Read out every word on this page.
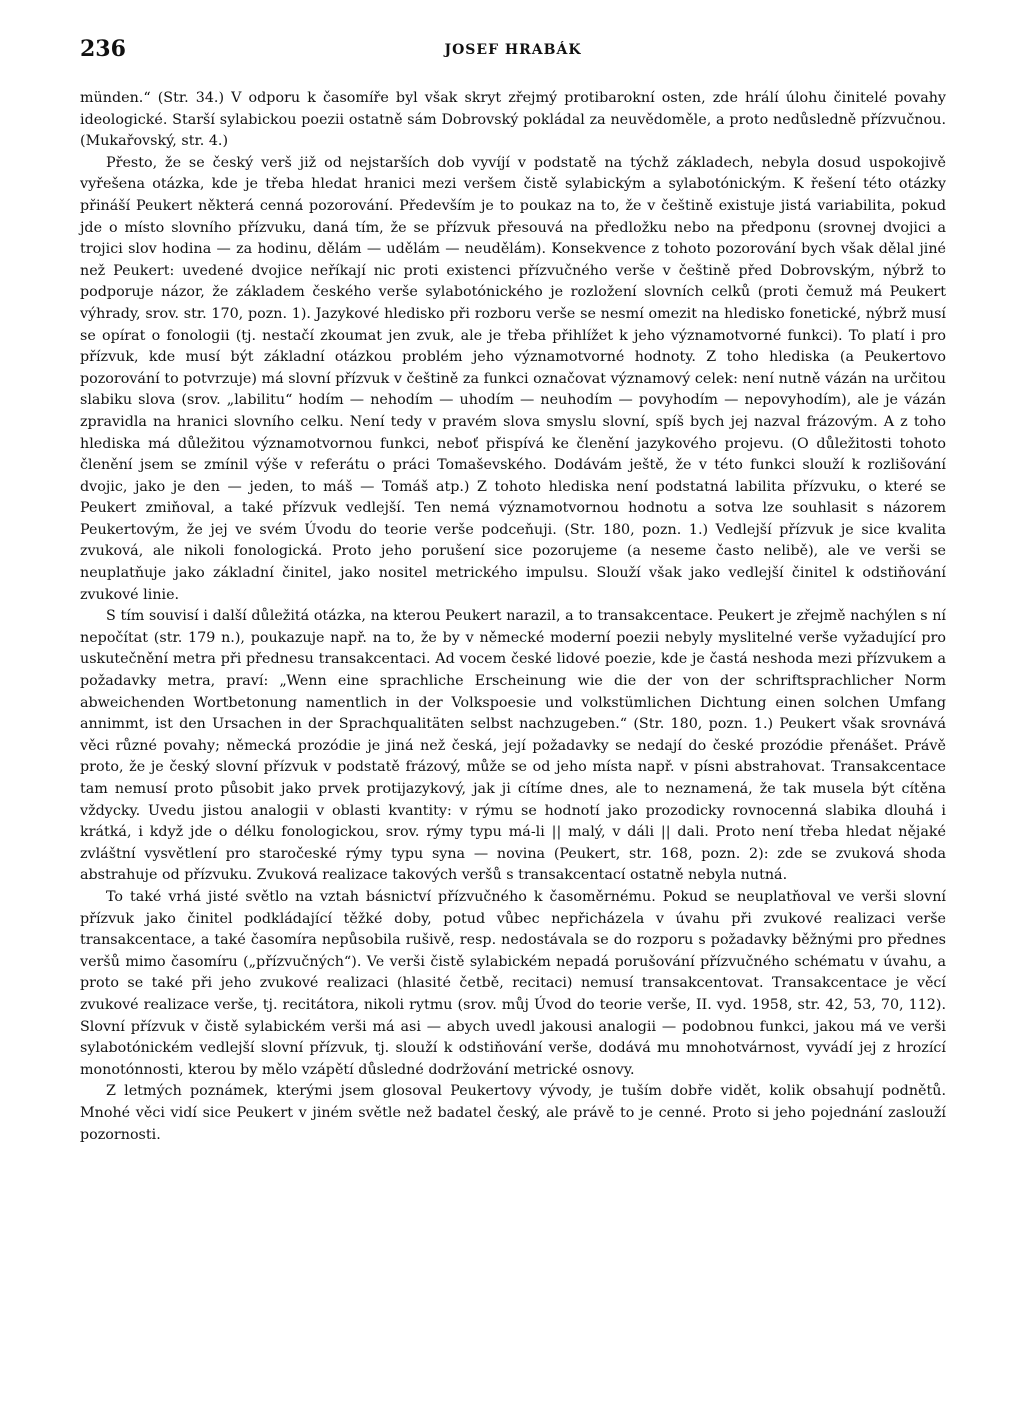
236	JOSEF HRABÁK

münden.“ (Str. 34.) V odporu k časomíře byl však skryt zřejmý protibarokní osten, zde hrálí úlohu činitelé povahy ideologické. Starší sylabickou poezii ostatně sám Dobrovský pokládal za neuvědoměle, a proto nedůsledně přízvučnou. (Mukařovský, str. 4.)

Přesto, že se český verš již od nejstarších dob vyvíjí v podstatě na týchž základech, nebyla dosud uspokojivě vyřešena otázka, kde je třeba hledat hranici mezi veršem čistě sylabickým a sylabotónickým. K řešení této otázky přináší Peukert některá cenná pozorování. Především je to poukaz na to, že v češtině existuje jistá variabilita, pokud jde o místo slovního přízvuku, daná tím, že se přízvuk přesouvá na předložku nebo na předponu (srovnej dvojici a trojici slov hodina — za hodinu, dělám — udělám — neudělám). Konsekvence z tohoto pozorování bych však dělal jiné než Peukert: uvedené dvojice neříkají nic proti existenci přízvučného verše v češtině před Dobrovským, nýbrž to podporuje názor, že základem českého verše sylabotónického je rozložení slovních celků (proti čemuž má Peukert výhrady, srov. str. 170, pozn. 1). Jazykové hledisko při rozboru verše se nesmí omezit na hledisko fonetické, nýbrž musí se opírat o fonologii (tj. nestačí zkoumat jen zvuk, ale je třeba přihlížet k jeho významotvorné funkci). To platí i pro přízvuk, kde musí být základní otázkou problém jeho významotvorné hodnoty. Z toho hlediska (a Peukertovo pozorování to potvrzuje) má slovní přízvuk v češtině za funkci označovat významový celek: není nutně vázán na určitou slabiku slova (srov. „labilitu“ hodím — nehodím — uhodím — neuhodím — povyhodím — nepovyhodím), ale je vázán zpravidla na hranici slovního celku. Není tedy v pravém slova smyslu slovní, spíš bych jej nazval frázovým. A z toho hlediska má důležitou významotvornou funkci, neboť přispívá ke členění jazykového projevu. (O důležitosti tohoto členění jsem se zmínil výše v referátu o práci Tomaševského. Dodávám ještě, že v této funkci slouží k rozlišování dvojic, jako je den — jeden, to máš — Tomáš atp.) Z tohoto hlediska není podstatná labilita přízvuku, o které se Peukert zmiňoval, a také přízvuk vedlejší. Ten nemá významotvornou hodnotu a sotva lze souhlasit s názorem Peukertovým, že jej ve svém Úvodu do teorie verše podceňuji. (Str. 180, pozn. 1.) Vedlejší přízvuk je sice kvalita zvuková, ale nikoli fonologická. Proto jeho porušení sice pozorujeme (a neseme často nelibě), ale ve verši se neuplatňuje jako základní činitel, jako nositel metrického impulsu. Slouží však jako vedlejší činitel k odstiňování zvukové linie.

S tím souvisí i další důležitá otázka, na kterou Peukert narazil, a to transakcentace. Peukert je zřejmě nachýlen s ní nepočítat (str. 179 n.), poukazuje např. na to, že by v německé moderní poezii nebyly myslitelné verše vyžadující pro uskutečnění metra při přednesu transakcentaci. Ad vocem české lidové poezie, kde je častá neshoda mezi přízvukem a požadavky metra, praví: „Wenn eine sprachliche Erscheinung wie die der von der schriftsprachlicher Norm abweichenden Wortbetonung namentlich in der Volkspoesie und volkstümlichen Dichtung einen solchen Umfang annimmt, ist den Ursachen in der Sprachqualitäten selbst nachzugeben.“ (Str. 180, pozn. 1.) Peukert však srovnává věci různé povahy; německá prozódie je jiná než česká, její požadavky se nedají do české prozódie přenášet. Právě proto, že je český slovní přízvuk v podstatě frázový, může se od jeho místa např. v písni abstrahovat. Transakcentace tam nemusí proto působit jako prvek protijazykový, jak ji cítíme dnes, ale to neznamená, že tak musela být cítěna vždycky. Uvedu jistou analogii v oblasti kvantity: v rýmu se hodnotí jako prozodicky rovnocenná slabika dlouhá i krátká, i když jde o délku fonologickou, srov. rýmy typu má-li || malý, v dáli || dali. Proto není třeba hledat nějaké zvláštní vysvětlení pro staročeské rýmy typu syna — novina (Peukert, str. 168, pozn. 2): zde se zvuková shoda abstrahuje od přízvuku. Zvuková realizace takových veršů s transakcentací ostatně nebyla nutná.

To také vrhá jisté světlo na vztah básnictví přízvučného k časoměrnému. Pokud se neuplatňoval ve verši slovní přízvuk jako činitel podkládající těžké doby, potud vůbec nepřicházela v úvahu při zvukové realizaci verše transakcentace, a také časomíra nepůsobila rušivě, resp. nedostávala se do rozporu s požadavky běžnými pro přednes veršů mimo časomíru („přízvučných“). Ve verši čistě sylabickém nepadá porušování přízvučného schématu v úvahu, a proto se také při jeho zvukové realizaci (hlasité četbě, recitaci) nemusí transakcentovat. Transakcentace je věcí zvukové realizace verše, tj. recitátora, nikoli rytmu (srov. můj Úvod do teorie verše, II. vyd. 1958, str. 42, 53, 70, 112). Slovní přízvuk v čistě sylabickém verši má asi — abych uvedl jakousi analogii — podobnou funkci, jakou má ve verši sylabotónickém vedlejší slovní přízvuk, tj. slouží k odstiňování verše, dodává mu mnohotvárnost, vyvádí jej z hrozící monotónnosti, kterou by mělo vzápětí důsledné dodržování metrické osnovy.

Z letmých poznámek, kterými jsem glosoval Peukertovy vývody, je tuším dobře vidět, kolik obsahují podnětů. Mnohé věci vidí sice Peukert v jiném světle než badatel český, ale právě to je cenné. Proto si jeho pojednání zaslouží pozornosti.
